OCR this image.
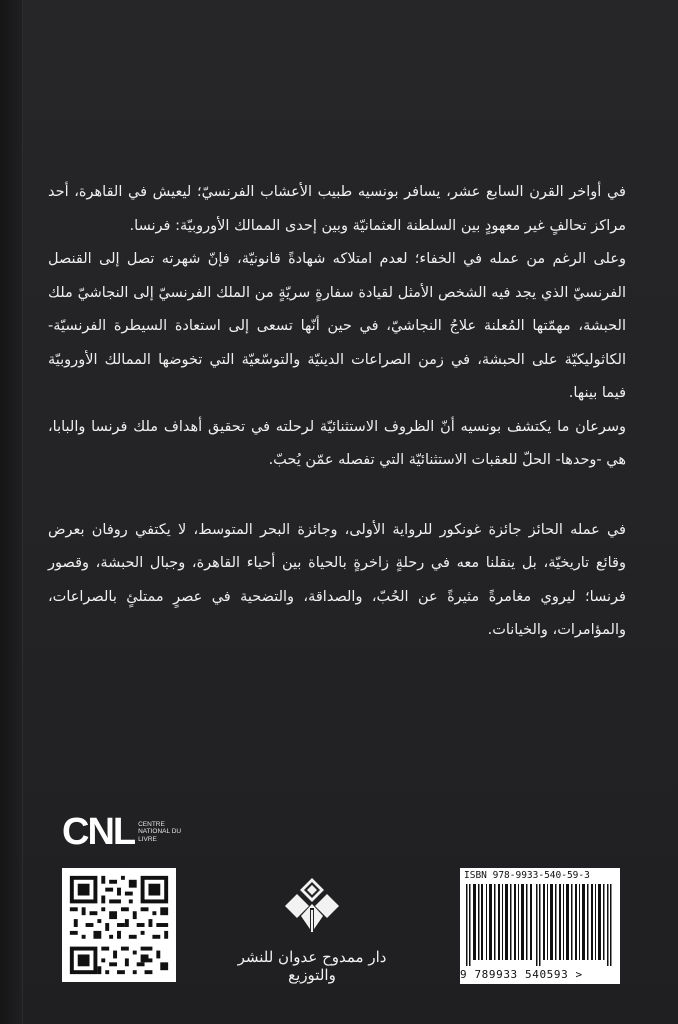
في أواخر القرن السابع عشر، يسافر بونسيه طبيب الأعشاب الفرنسيّ؛ ليعيش في القاهرة، أحد مراكز تحالفٍ غير معهودٍ بين السلطنة العثمانيّة وبين إحدى الممالك الأوروبيّة: فرنسا.

وعلى الرغم من عمله في الخفاء؛ لعدم امتلاكه شهادةً قانونيّة، فإنّ شهرته تصل إلى القنصل الفرنسيّ الذي يجد فيه الشخص الأمثل لقيادة سفارةٍ سريّةٍ من الملك الفرنسيّ إلى النجاشيّ ملك الحبشة، مهمّتها المُعلنة علاجُ النجاشيّ، في حين أنّها تسعى إلى استعادة السيطرة الفرنسيّة-الكاثوليكيّة على الحبشة، في زمن الصراعات الدينيّة والتوسّعيّة التي تخوضها الممالك الأوروبيّة فيما بينها.

وسرعان ما يكتشف بونسيه أنّ الظروف الاستثنائيّة لرحلته في تحقيق أهداف ملك فرنسا والبابا، هي -وحدها- الحلّ للعقبات الاستثنائيّة التي تفصله عمّن يُحبّ.

في عمله الحائز جائزة غونكور للرواية الأولى، وجائزة البحر المتوسط، لا يكتفي روفان بعرض وقائع تاريخيّة، بل ينقلنا معه في رحلةٍ زاخرةٍ بالحياة بين أحياء القاهرة، وجبال الحبشة، وقصور فرنسا؛ ليروي مغامرةً مثيرةً عن الحُبّ، والصداقة، والتضحية في عصرٍ ممتلئٍ بالصراعات، والمؤامرات، والخيانات.

CNL CENTRE NATIONAL DU LIVRE
دار ممدوح عدوان للنشر والتوزيع
ISBN 978-9933-540-59-3
9 789933 540593 >
